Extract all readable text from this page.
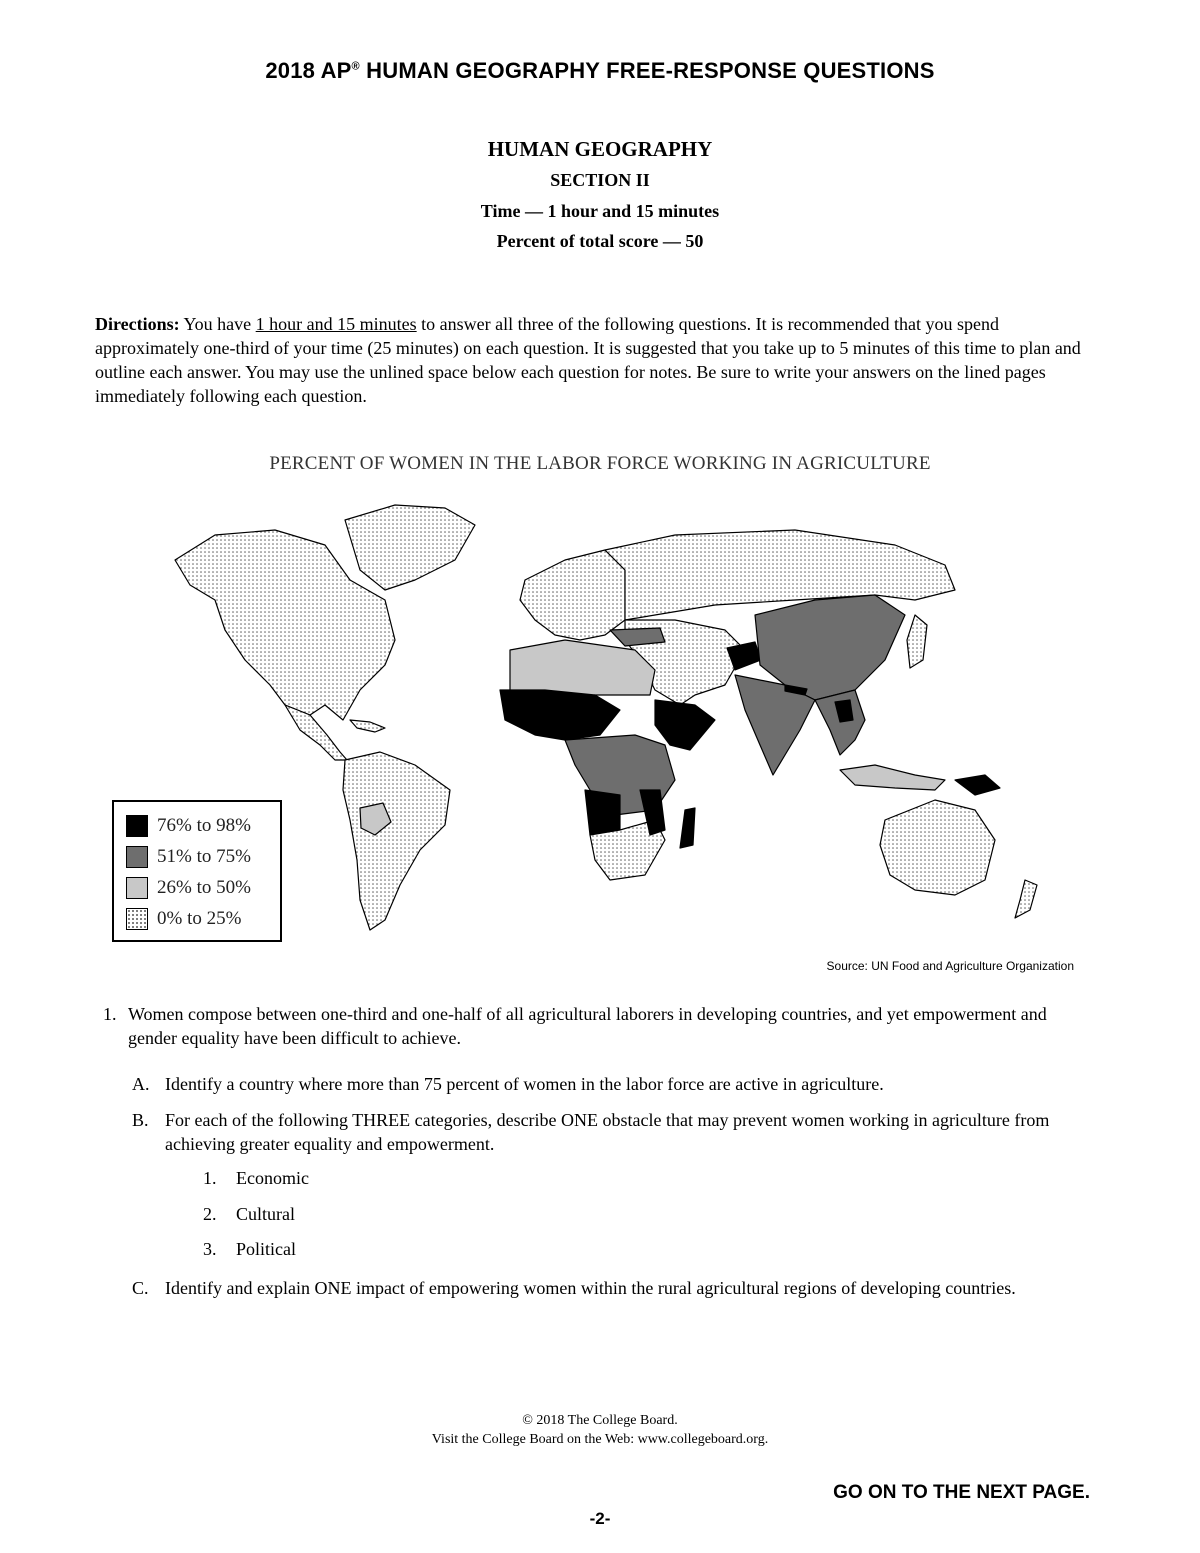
2018 AP® HUMAN GEOGRAPHY FREE-RESPONSE QUESTIONS
HUMAN GEOGRAPHY
SECTION II
Time — 1 hour and 15 minutes
Percent of total score — 50
Directions: You have 1 hour and 15 minutes to answer all three of the following questions. It is recommended that you spend approximately one-third of your time (25 minutes) on each question. It is suggested that you take up to 5 minutes of this time to plan and outline each answer. You may use the unlined space below each question for notes. Be sure to write your answers on the lined pages immediately following each question.
PERCENT OF WOMEN IN THE LABOR FORCE WORKING IN AGRICULTURE
76% to 98%
51% to 75%
26% to 50%
0% to 25%
Source: UN Food and Agriculture Organization
1. Women compose between one-third and one-half of all agricultural laborers in developing countries, and yet empowerment and gender equality have been difficult to achieve.
A. Identify a country where more than 75 percent of women in the labor force are active in agriculture.
B. For each of the following THREE categories, describe ONE obstacle that may prevent women working in agriculture from achieving greater equality and empowerment.
1. Economic
2. Cultural
3. Political
C. Identify and explain ONE impact of empowering women within the rural agricultural regions of developing countries.
© 2018 The College Board.
Visit the College Board on the Web: www.collegeboard.org.
GO ON TO THE NEXT PAGE.
-2-
